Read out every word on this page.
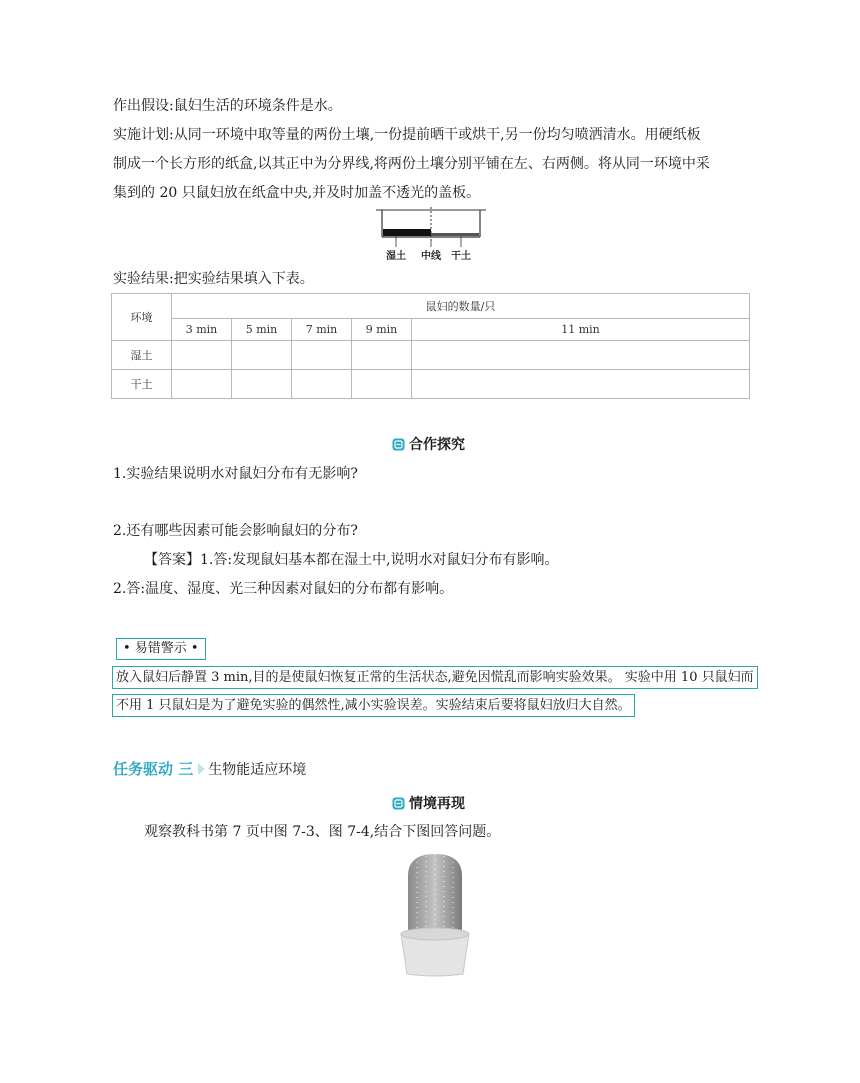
作出假设:鼠妇生活的环境条件是水。
实施计划:从同一环境中取等量的两份土壤,一份提前晒干或烘干,另一份均匀喷洒清水。用硬纸板
制成一个长方形的纸盒,以其正中为分界线,将两份土壤分别平铺在左、右两侧。将从同一环境中采
集到的 20 只鼠妇放在纸盒中央,并及时加盖不透光的盖板。
湿土 中线 干土
实验结果:把实验结果填入下表。
环境	鼠妇的数量/只				
	3 min	5 min	7 min	9 min	11 min
湿土					
干土					
合作探究
1.实验结果说明水对鼠妇分布有无影响?
2.还有哪些因素可能会影响鼠妇的分布?
【答案】1.答:发现鼠妇基本都在湿土中,说明水对鼠妇分布有影响。
2.答:温度、湿度、光三种因素对鼠妇的分布都有影响。
• 易错警示 •
放入鼠妇后静置 3 min,目的是使鼠妇恢复正常的生活状态,避免因慌乱而影响实验效果。 实验中用 10 只鼠妇而
不用 1 只鼠妇是为了避免实验的偶然性,减小实验误差。实验结束后要将鼠妇放归大自然。
任务驱动 三 生物能适应环境
情境再现
观察教科书第 7 页中图 7-3、图 7-4,结合下图回答问题。
